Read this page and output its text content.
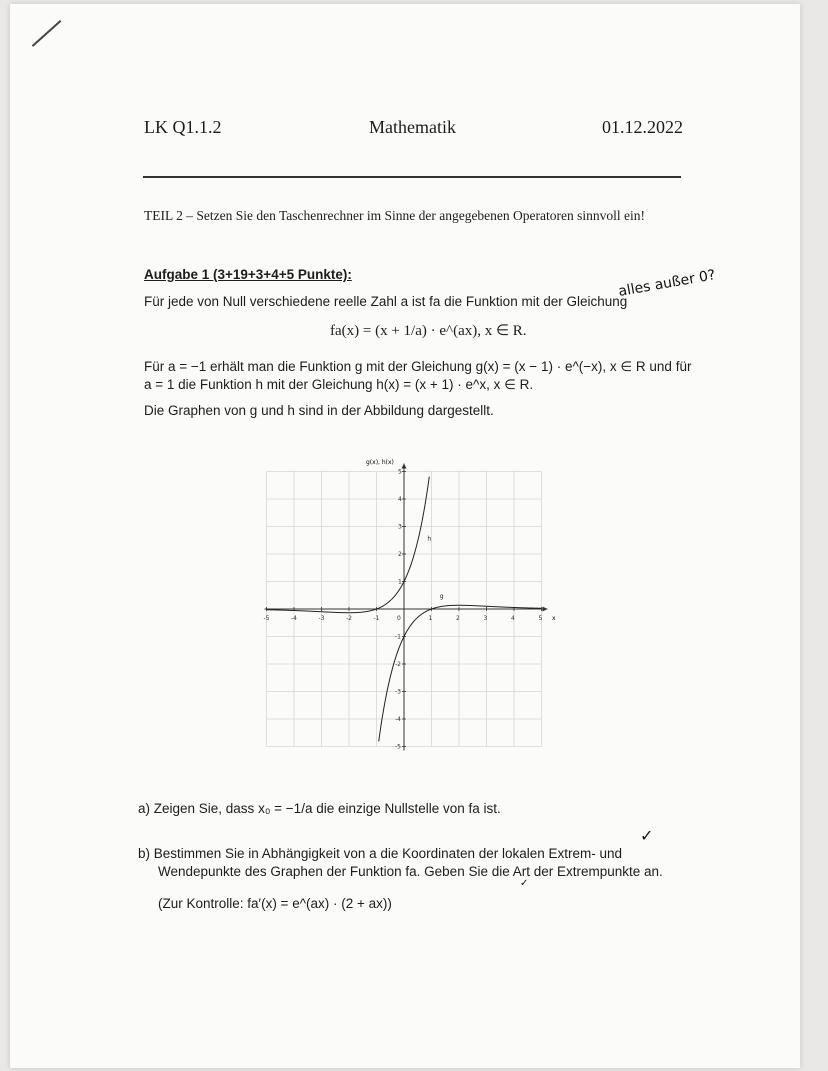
LK Q1.1.2	Mathematik	01.12.2022
TEIL 2 – Setzen Sie den Taschenrechner im Sinne der angegebenen Operatoren sinnvoll ein!
Aufgabe 1 (3+19+3+4+5 Punkte):
Für jede von Null verschiedene reelle Zahl a ist fa die Funktion mit der Gleichung
alles außer 0?
fa(x) = (x + 1/a) · e^(ax), x ∈ R.
Für a = −1 erhält man die Funktion g mit der Gleichung g(x) = (x − 1) · e^(−x), x ∈ R und für
a = 1 die Funktion h mit der Gleichung h(x) = (x + 1) · e^x, x ∈ R.
Die Graphen von g und h sind in der Abbildung dargestellt.
-5	-4	-3	-2	-1	0	1	2	3	4	5
5
4
3
2
1
-1
-2
-3
-4
-5
h
g
g(x), h(x)
x
a) Zeigen Sie, dass x₀ = −1/a die einzige Nullstelle von fa ist.
✓
b) Bestimmen Sie in Abhängigkeit von a die Koordinaten der lokalen Extrem- und
Wendepunkte des Graphen der Funktion fa. Geben Sie die Art der Extrempunkte an.
✓
(Zur Kontrolle: fa′(x) = e^(ax) · (2 + ax))
